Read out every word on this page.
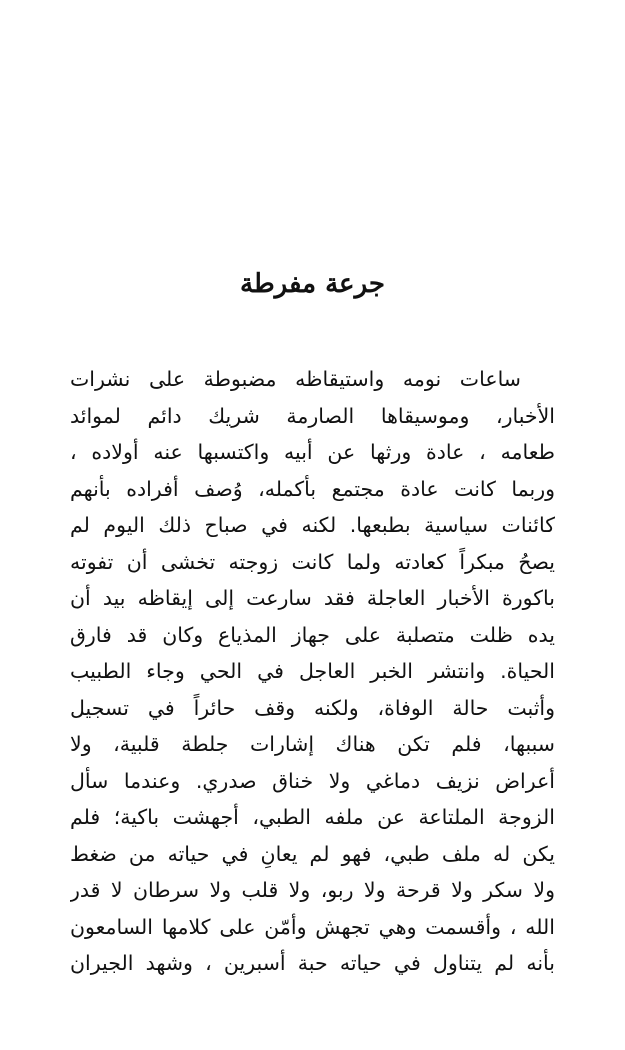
جرعة مفرطة
ساعات نومه واستيقاظه مضبوطة على نشرات
الأخبار، وموسيقاها الصارمة شريك دائم لموائد
طعامه ، عادة ورثها عن أبيه واكتسبها عنه أولاده ،
وربما كانت عادة مجتمع بأكمله، وُصف أفراده بأنهم
كائنات سياسية بطبعها. لكنه في صباح ذلك اليوم لم
يصحُ مبكراً كعادته ولما كانت زوجته تخشى أن تفوته
باكورة الأخبار العاجلة فقد سارعت إلى إيقاظه بيد أن
يده ظلت متصلبة على جهاز المذياع وكان قد فارق
الحياة. وانتشر الخبر العاجل في الحي وجاء الطبيب
وأثبت حالة الوفاة، ولكنه وقف حائراً في تسجيل
سببها، فلم تكن هناك إشارات جلطة قلبية، ولا
أعراض نزيف دماغي ولا خناق صدري. وعندما سأل
الزوجة الملتاعة عن ملفه الطبي، أجهشت باكية؛ فلم
يكن له ملف طبي، فهو لم يعانِ في حياته من ضغط
ولا سكر ولا قرحة ولا ربو، ولا قلب ولا سرطان لا قدر
الله ، وأقسمت وهي تجهش وأمّن على كلامها السامعون
بأنه لم يتناول في حياته حبة أسبرين ، وشهد الجيران
